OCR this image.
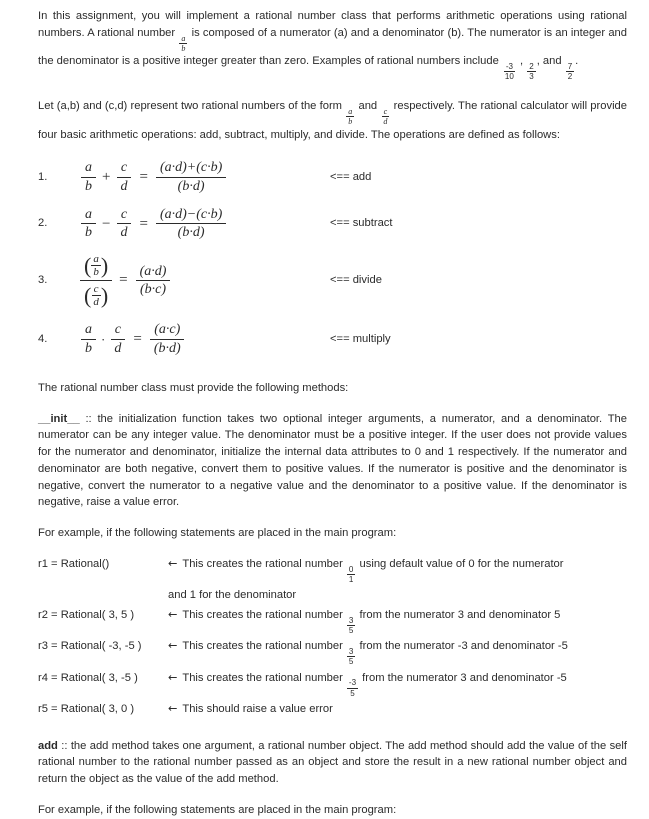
In this assignment, you will implement a rational number class that performs arithmetic operations using rational numbers. A rational number
$\frac{a}{b}$
is composed of a numerator (a) and a denominator (b). The numerator is an integer and the denominator is a positive integer greater than zero. Examples of rational numbers include
$\frac{-3}{10}$
,
$\frac{2}{3}$
, and
$\frac{7}{2}$
.

Let (a,b) and (c,d) represent two rational numbers of the form
$\frac{a}{b}$
and
$\frac{c}{d}$
respectively. The rational calculator will provide four basic arithmetic operations: add, subtract, multiply, and divide. The operations are defined as follows:

1.	$\frac{a}{b} + \frac{c}{d} = \frac{(a\cdot d)+(c\cdot b)}{(b\cdot d)}$	<== add
2.	$\frac{a}{b} - \frac{c}{d} = \frac{(a\cdot d)-(c\cdot b)}{(b\cdot d)}$	<== subtract
3.	$\frac{( \frac{a}{b} )}{( \frac{c}{d} )} = \frac{(a\cdot d)}{(b\cdot c)}$	<== divide
4.	$\frac{a}{b} \cdot \frac{c}{d} = \frac{(a\cdot c)}{(b\cdot d)}$	<== multiply

The rational number class must provide the following methods:

__init__ :: the initialization function takes two optional integer arguments, a numerator, and a denominator. The numerator can be any integer value. The denominator must be a positive integer. If the user does not provide values for the numerator and denominator, initialize the internal data attributes to 0 and 1 respectively. If the numerator and denominator are both negative, convert them to positive values. If the numerator is positive and the denominator is negative, convert the numerator to a negative value and the denominator to a positive value. If the denominator is negative, raise a value error.

For example, if the following statements are placed in the main program:

r1 = Rational()	← This creates the rational number
$\frac{0}{1}$
using default value of 0 for the numerator
and 1 for the denominator
r2 = Rational( 3, 5 )	← This creates the rational number
$\frac{3}{5}$
from the numerator 3 and denominator 5
r3 = Rational( -3, -5 )	← This creates the rational number
$\frac{3}{5}$
from the numerator -3 and denominator -5
r4 = Rational( 3, -5 )	← This creates the rational number
$\frac{-3}{5}$
from the numerator 3 and denominator -5
r5 = Rational( 3, 0 )	← This should raise a value error

add :: the add method takes one argument, a rational number object. The add method should add the value of the self rational number to the rational number passed as an object and store the result in a new rational number object and return the object as the value of the add method.

For example, if the following statements are placed in the main program:
